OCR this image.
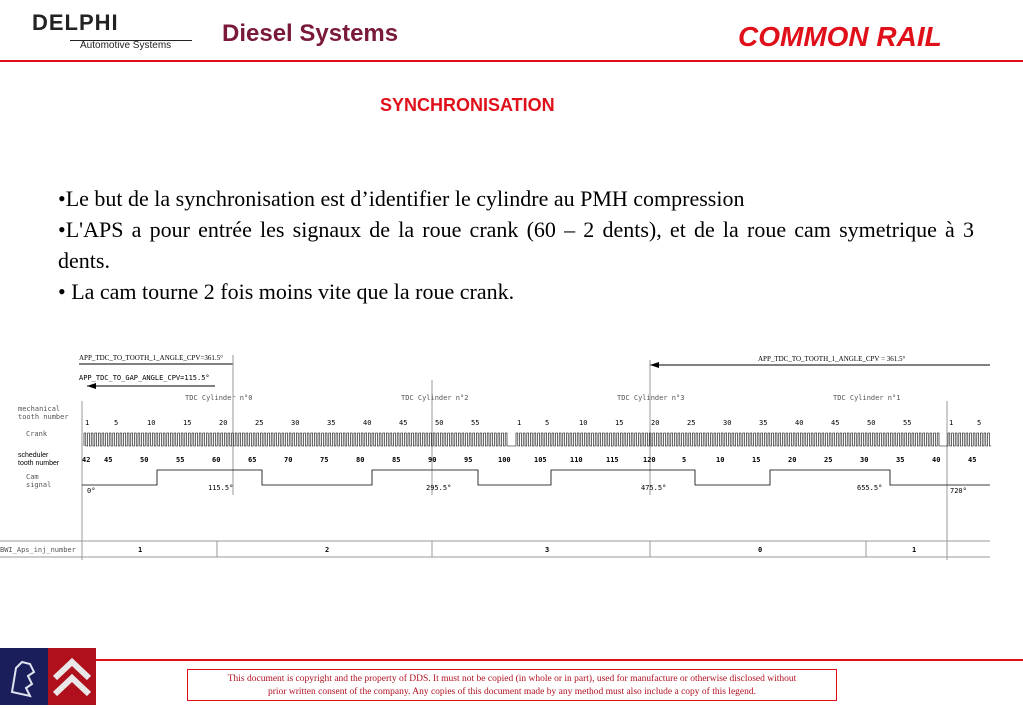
DELPHI
Automotive Systems Diesel Systems	COMMON RAIL
SYNCHRONISATION

•Le but de la synchronisation est d’identifier le cylindre au PMH compression

•L'APS a pour entrée les signaux de la roue crank (60 – 2 dents), et de la roue cam symetrique à 3 dents.

• La cam tourne 2 fois moins vite que la roue crank.

APP_TDC_TO_TOOTH_1_ANGLE_CPV=361.5°
APP_TDC_TO_GAP_ANGLE_CPV=115.5°
APP_TDC_TO_TOOTH_1_ANGLE_CPV = 361.5°
mechanical
tooth number
Crank
Cam
signal
BWI_Aps_inj_number
scheduler
tooth number
TDC Cylinder n°0	TDC Cylinder n°2	TDC Cylinder n°3	TDC Cylinder n°1
1	5	10	15	20	25	30	35	40	45	50	55	1	5	10	15	20	25	30	35	40	45	50	55	1	5
42 45	50	55	60	65	70	75	80	85	90	95	100	105	110	115	120	5	10	15	20	25	30	35	40	45
0°	115.5°	295.5°	475.5°	655.5°	720°
1	2	3	0	1
This document is copyright and the property of DDS. It must not be copied (in whole or in part), used for manufacture or otherwise disclosed without
prior written consent of the company. Any copies of this document made by any method must also include a copy of this legend.
